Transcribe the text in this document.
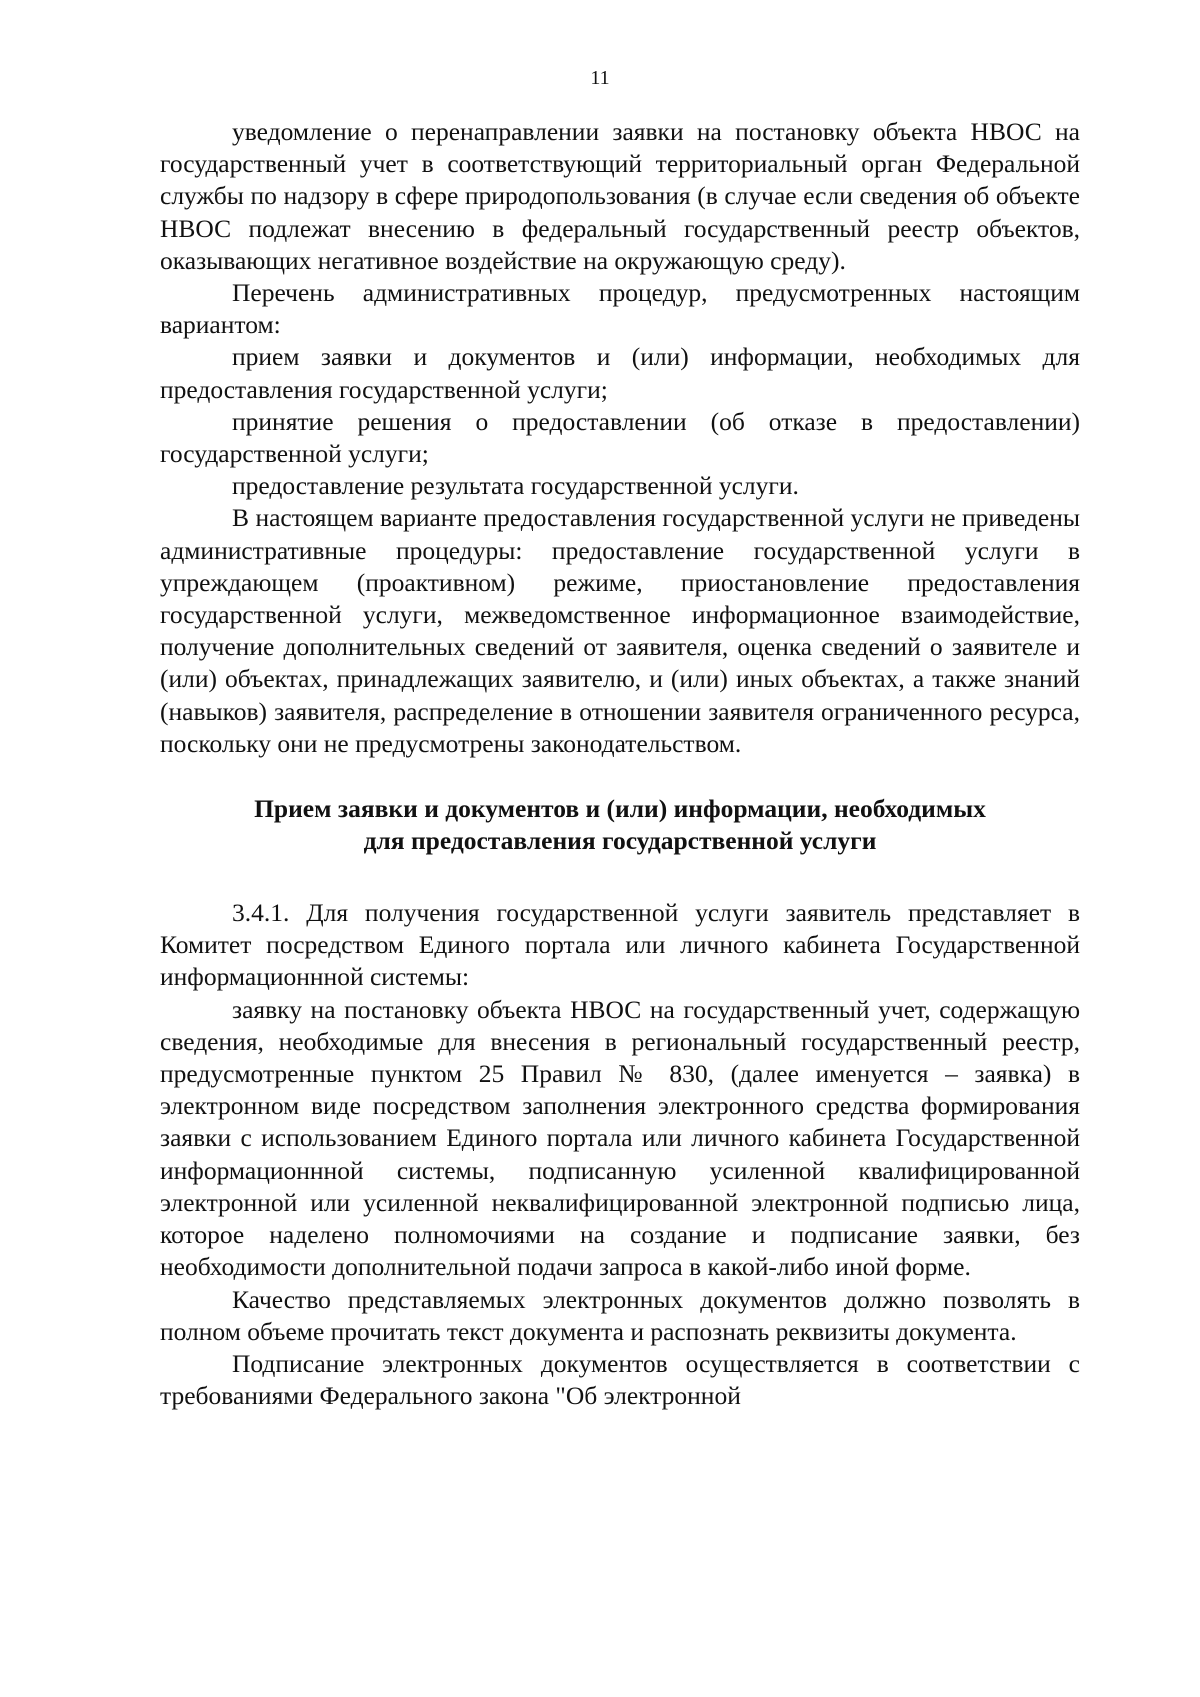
11

уведомление о перенаправлении заявки на постановку объекта НВОС на государственный учет в соответствующий территориальный орган Федеральной службы по надзору в сфере природопользования (в случае если сведения об объекте НВОС подлежат внесению в федеральный государственный реестр объектов, оказывающих негативное воздействие на окружающую среду).

Перечень административных процедур, предусмотренных настоящим вариантом:

прием заявки и документов и (или) информации, необходимых для предоставления государственной услуги;

принятие решения о предоставлении (об отказе в предоставлении) государственной услуги;

предоставление результата государственной услуги.

В настоящем варианте предоставления государственной услуги не приведены административные процедуры: предоставление государственной услуги в упреждающем (проактивном) режиме, приостановление предоставления государственной услуги, межведомственное информационное взаимодействие, получение дополнительных сведений от заявителя, оценка сведений о заявителе и (или) объектах, принадлежащих заявителю, и (или) иных объектах, а также знаний (навыков) заявителя, распределение в отношении заявителя ограниченного ресурса, поскольку они не предусмотрены законодательством.

Прием заявки и документов и (или) информации, необходимых
для предоставления государственной услуги

3.4.1. Для получения государственной услуги заявитель представляет в Комитет посредством Единого портала или личного кабинета Государственной информационнной системы:

заявку на постановку объекта НВОС на государственный учет, содержащую сведения, необходимые для внесения в региональный государственный реестр, предусмотренные пунктом 25 Правил № 830, (далее именуется – заявка) в электронном виде посредством заполнения электронного средства формирования заявки с использованием Единого портала или личного кабинета Государственной информационнной системы, подписанную усиленной квалифицированной электронной или усиленной неквалифицированной электронной подписью лица, которое наделено полномочиями на создание и подписание заявки, без необходимости дополнительной подачи запроса в какой-либо иной форме.

Качество представляемых электронных документов должно позволять в полном объеме прочитать текст документа и распознать реквизиты документа.

Подписание электронных документов осуществляется в соответствии с требованиями Федерального закона "Об электронной
